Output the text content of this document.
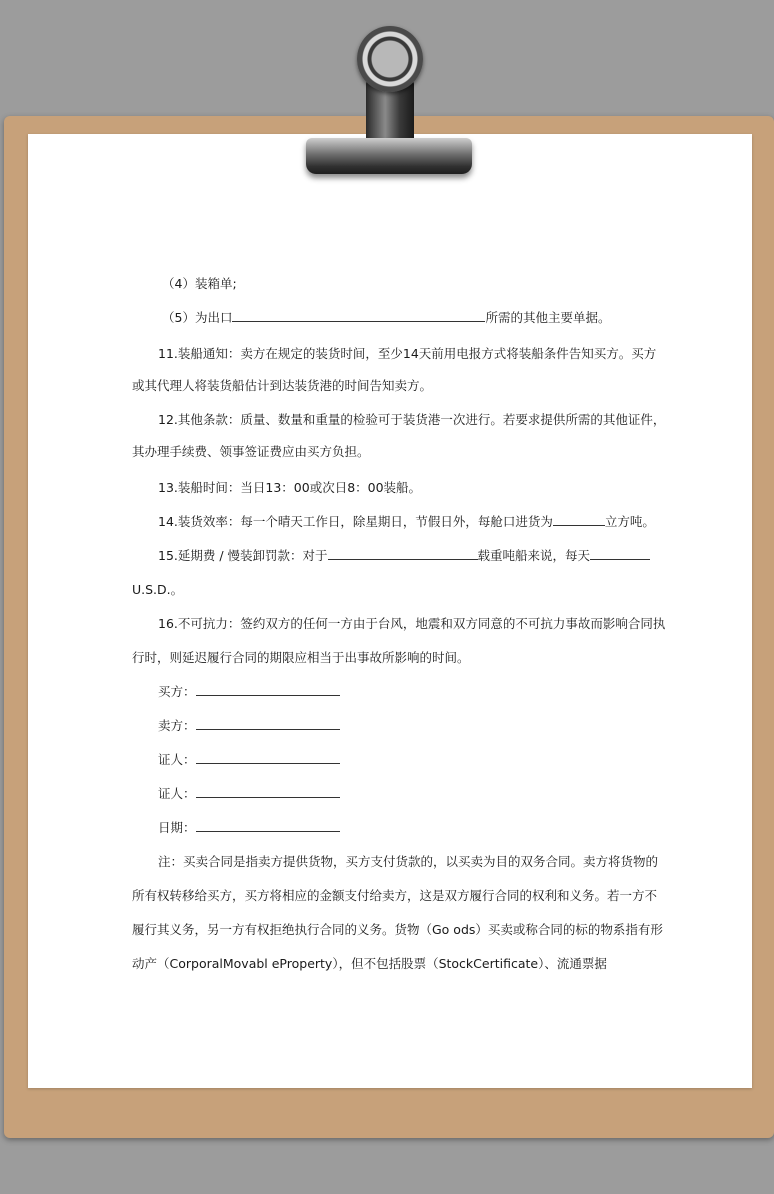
（4）装箱单;
（5）为出口	所需的其他主要单据。
11.装船通知：卖方在规定的装货时间，至少14天前用电报方式将装船条件告知买方。买方
或其代理人将装货船估计到达装货港的时间告知卖方。
12.其他条款：质量、数量和重量的检验可于装货港一次进行。若要求提供所需的其他证件，
其办理手续费、领事签证费应由买方负担。
13.装船时间：当日13：00或次日8：00装船。
14.装货效率：每一个晴天工作日，除星期日，节假日外，每舱口进货为	立方吨。
15.延期费 / 慢装卸罚款：对于	载重吨船来说，每天
U.S.D.。
16.不可抗力：签约双方的任何一方由于台风，地震和双方同意的不可抗力事故而影响合同执
行时，则延迟履行合同的期限应相当于出事故所影响的时间。
买方：
卖方：
证人：
证人：
日期：
注：买卖合同是指卖方提供货物，买方支付货款的，以买卖为目的双务合同。卖方将货物的
所有权转移给买方，买方将相应的金额支付给卖方，这是双方履行合同的权利和义务。若一方不
履行其义务，另一方有权拒绝执行合同的义务。货物（Go ods）买卖或称合同的标的物系指有形
动产（CorporalMovabl eProperty），但不包括股票（StockCertificate）、流通票据
